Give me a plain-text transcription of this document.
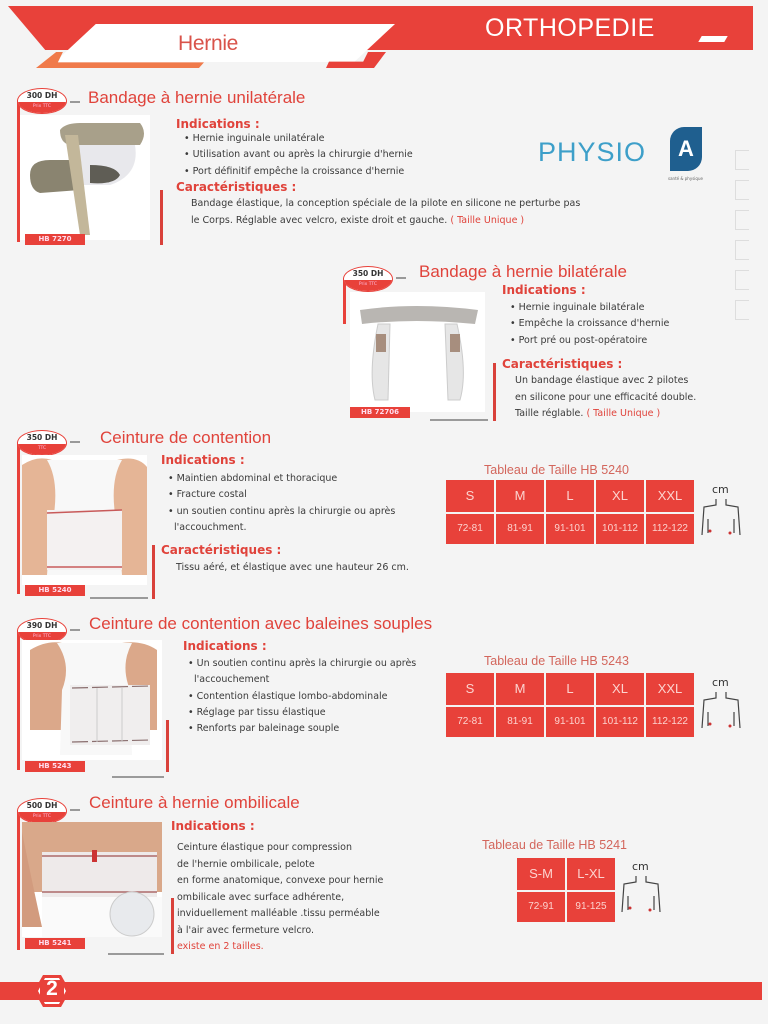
Hernie
ORTHOPEDIE
PHYSIO	A
santé & physique
300 DH
Prix TTC	Bandage à hernie unilatérale
HB 7270
Indications :
• Hernie inguinale unilatérale
• Utilisation avant ou après la chirurgie d'hernie
• Port définitif empêche la croissance d'hernie
Caractéristiques :
Bandage élastique, la conception spéciale de la pilote en silicone ne perturbe pas
le Corps. Réglable avec velcro, existe droit et gauche. ( Taille Unique )
350 DH
Prix TTC
Bandage à hernie bilatérale
HB 72706
Indications :
• Hernie inguinale bilatérale
• Empêche la croissance d'hernie
• Port pré ou post-opératoire
Caractéristiques :
Un bandage élastique avec 2 pilotes
en silicone pour une efficacité double.
Taille réglable. ( Taille Unique )
350 DH
TTC
Ceinture de contention
HB 5240
Indications :
• Maintien abdominal et thoracique
• Fracture costal
• un soutien continu après la chirurgie ou après
l'accouchment.
Caractéristiques :
Tissu aéré, et élastique avec une hauteur 26 cm.
Tableau de Taille HB 5240
S	M	L	XL	XXL
72-81	81-91	91-101	101-112	112-122
cm
390 DH
Prix TTC
Ceinture de contention avec baleines souples
HB 5243
Indications :
• Un soutien continu après la chirurgie ou après
l'accouchement
• Contention élastique lombo-abdominale
• Réglage par tissu élastique
• Renforts par baleinage souple
Tableau de Taille HB 5243
S	M	L	XL	XXL
72-81	81-91	91-101	101-112	112-122
cm
500 DH
Prix TTC
Ceinture à hernie ombilicale
HB 5241
Indications :
Ceinture élastique pour compression
de l'hernie ombilicale, pelote
en forme anatomique, convexe pour hernie
ombilicale avec surface adhérente,
inviduellement malléable .tissu perméable
à l'air avec fermeture velcro.
existe en 2 tailles.
Tableau de Taille HB 5241
S-M	L-XL
72-91	91-125
cm
2
